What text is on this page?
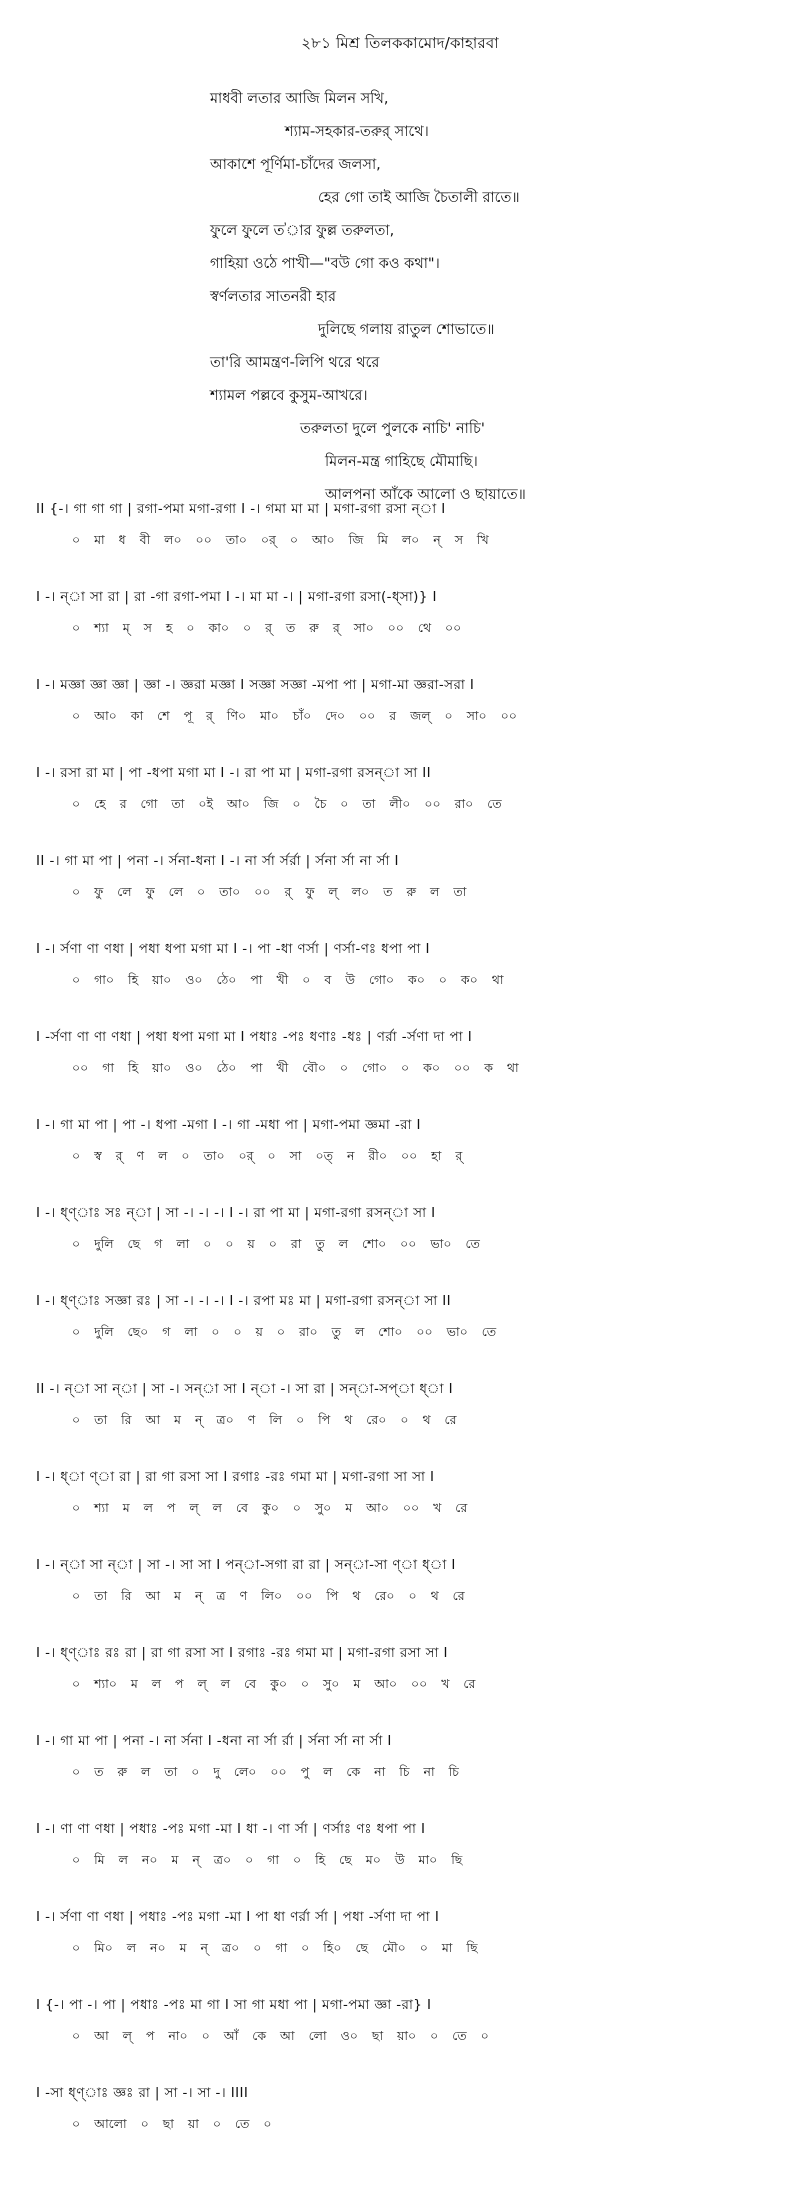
২৮১ মিশ্র তিলককামোদ/কাহারবা
মাধবী লতার আজি মিলন সখি,
শ্যাম-সহকার-তরুর্ সাথে।
আকাশে পূর্ণিমা-চাঁদের জলসা,
হের গো তাই আজি চৈতালী রাতে॥
ফুলে ফুলে ত'ার ফুল্ল তরুলতা,
গাহিয়া ওঠে পাখী—"বউ গো কও কথা"।
স্বর্ণলতার সাতনরী হার
দুলিছে গলায় রাতুল শোভাতে॥
তা'রি আমন্ত্রণ-লিপি থরে থরে
শ্যামল পল্লবে কুসুম-আখরে।
তরুলতা দুলে পুলকে নাচি' নাচি'
মিলন-মন্ত্র গাহিছে মৌমাছি।
আলপনা আঁকে আলো ও ছায়াতে॥
II {-। গা গা গা | রগা-পমা মগা-রগা I -। গমা মা মা | মগা-রগা রসা ন্‌া I
০ মা ধ বী ল০ ০০ তা০ ০র্ ০ আ০ জি মি ল০ ন্ স খি
I -। ন্‌া সা রা | রা -গা রগা-পমা I -। মা মা -। | মগা-রগা রসা(-ধ্‌সা)} I
০ শ্যা ম্ স হ ০ কা০ ০ র্ ত রু র্ সা০ ০০ থে ০০
I -। মজ্ঞা জ্ঞা জ্ঞা | জ্ঞা -। জ্ঞরা মজ্ঞা I সজ্ঞা সজ্ঞা -মপা পা | মগা-মা জ্ঞরা-সরা I
০ আ০ কা শে পূ র্ ণি০ মা০ চাঁ০ দে০ ০০ র জল্ ০ সা০ ০০
I -। রসা রা মা | পা -ধপা মগা মা I -। রা পা মা | মগা-রগা রসন্‌া সা II
০ হে র গো তা ০ই আ০ জি ০ চৈ ০ তা লী০ ০০ রা০ তে
II -। গা মা পা | পনা -। র্সনা-ধনা I -। না র্সা র্সর্রা | র্সনা র্সা না র্সা I
০ ফু লে ফু লে ০ তা০ ০০ র্ ফু ল্ ল০ ত রু ল তা
I -। র্সণা ণা ণধা | পধা ধপা মগা মা I -। পা -ধা ণর্সা | ণর্সা-ণঃ ধপা পা I
০ গা০ হি য়া০ ও০ ঠে০ পা খী ০ ব উ গো০ ক০ ০ ক০ থা
I -র্সণা ণা ণা ণধা | পধা ধপা মগা মা I পধাঃ -পঃ ধণাঃ -ধঃ | ণর্রা -র্সণা দা পা I
০০ গা হি য়া০ ও০ ঠে০ পা খী বৌ০ ০ গো০ ০ ক০ ০০ ক থা
I -। গা মা পা | পা -। ধপা -মগা I -। গা -মধা পা | মগা-পমা জ্ঞমা -রা I
০ স্ব র্ ণ ল ০ তা০ ০র্ ০ সা ০ত্ ন রী০ ০০ হা র্
I -। ধ্‌ণ্‌াঃ সঃ ন্‌া | সা -। -। -। I -। রা পা মা | মগা-রগা রসন্‌া সা I
০ দুলি ছে গ লা ০ ০ য় ০ রা তু ল শো০ ০০ ভা০ তে
I -। ধ্‌ণ্‌াঃ সজ্ঞা রঃ | সা -। -। -। I -। রপা মঃ মা | মগা-রগা রসন্‌া সা II
০ দুলি ছে০ গ লা ০ ০ য় ০ রা০ তু ল শো০ ০০ ভা০ তে
II -। ন্‌া সা ন্‌া | সা -। সন্‌া সা I ন্‌া -। সা রা | সন্‌া-সপ্‌া ধ্‌া I
০ তা রি আ ম ন্ ত্র০ ণ লি ০ পি থ রে০ ০ থ রে
I -। ধ্‌া ণ্‌া রা | রা গা রসা সা I রগাঃ -রঃ গমা মা | মগা-রগা সা সা I
০ শ্যা ম ল প ল্ ল বে কু০ ০ সু০ ম আ০ ০০ খ রে
I -। ন্‌া সা ন্‌া | সা -। সা সা I পন্‌া-সগা রা রা | সন্‌া-সা ণ্‌া ধ্‌া I
০ তা রি আ ম ন্ ত্র ণ লি০ ০০ পি থ রে০ ০ থ রে
I -। ধ্‌ণ্‌াঃ রঃ রা | রা গা রসা সা I রগাঃ -রঃ গমা মা | মগা-রগা রসা সা I
০ শ্যা০ ম ল প ল্ ল বে কু০ ০ সু০ ম আ০ ০০ খ রে
I -। গা মা পা | পনা -। না র্সনা I -ধনা না র্সা র্রা | র্সনা র্সা না র্সা I
০ ত রু ল তা ০ দু লে০ ০০ পু ল কে না চি না চি
I -। ণা ণা ণধা | পধাঃ -পঃ মগা -মা I ধা -। ণা র্সা | ণর্সাঃ ণঃ ধপা পা I
০ মি ল ন০ ম ন্ ত্র০ ০ গা ০ হি ছে ম০ উ মা০ ছি
I -। র্সণা ণা ণধা | পধাঃ -পঃ মগা -মা I পা ধা ণর্রা র্সা | পধা -র্সণা দা পা I
০ মি০ ল ন০ ম ন্ ত্র০ ০ গা ০ হি০ ছে মৌ০ ০ মা ছি
I {-। পা -। পা | পধাঃ -পঃ মা গা I সা গা মধা পা | মগা-পমা জ্ঞা -রা} I
০ আ ল্ প না০ ০ আঁ কে আ লো ও০ ছা য়া০ ০ তে ০
I -সা ধ্‌ণ্‌াঃ জ্ঞঃ রা | সা -। সা -। IIII
০ আলো ০ ছা য়া ০ তে ০
